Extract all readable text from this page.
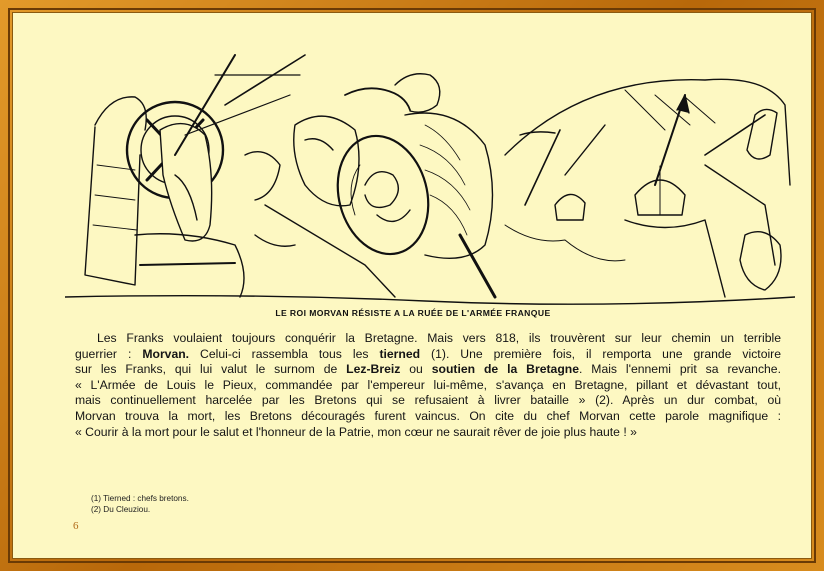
LE ROI MORVAN RÉSISTE A LA RUÉE DE L'ARMÉE FRANQUE
Les Franks voulaient toujours conquérir la Bretagne. Mais vers 818, ils trouvèrent sur leur chemin un terrible
guerrier : Morvan. Celui-ci rassembla tous les tierned (1). Une première fois, il remporta une grande victoire
sur les Franks, qui lui valut le surnom de Lez-Breiz ou soutien de la Bretagne. Mais l'ennemi prit sa revanche.
« L'Armée de Louis le Pieux, commandée par l'empereur lui-même, s'avança en Bretagne, pillant et dévastant tout,
mais continuellement harcelée par les Bretons qui se refusaient à livrer bataille » (2). Après un dur combat, où
Morvan trouva la mort, les Bretons découragés furent vaincus. On cite du chef Morvan cette parole magnifique :
« Courir à la mort pour le salut et l'honneur de la Patrie, mon cœur ne saurait rêver de joie plus haute ! »
(1) Tierned : chefs bretons.
(2) Du Cleuziou.
6
